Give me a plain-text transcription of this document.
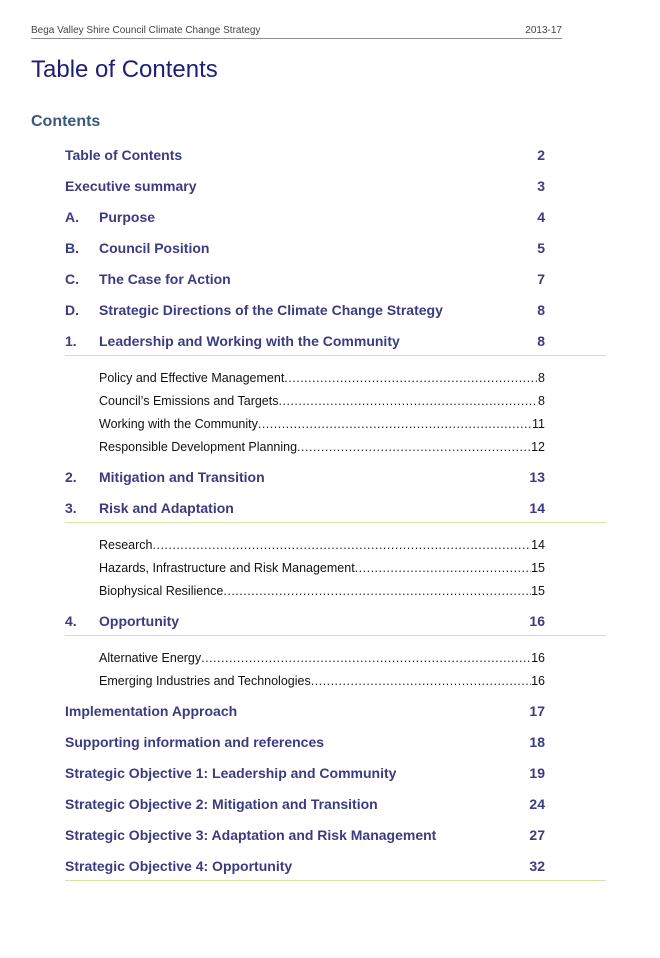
Bega Valley Shire Council Climate Change Strategy	2013-17
Table of Contents
Contents
Table of Contents	2
Executive summary	3
A. Purpose	4
B. Council Position	5
C. The Case for Action	7
D. Strategic Directions of the Climate Change Strategy	8
1. Leadership and Working with the Community	8
Policy and Effective Management .....	8
Council’s Emissions and Targets .....	8
Working with the Community .....	11
Responsible Development Planning .....	12
2. Mitigation and Transition	13
3. Risk and Adaptation	14
Research .....	14
Hazards, Infrastructure and Risk Management .....	15
Biophysical Resilience .....	15
4. Opportunity	16
Alternative Energy .....	16
Emerging Industries and Technologies .....	16
Implementation Approach	17
Supporting information and references	18
Strategic Objective 1: Leadership and Community	19
Strategic Objective 2: Mitigation and Transition	24
Strategic Objective 3: Adaptation and Risk Management	27
Strategic Objective 4: Opportunity	32
